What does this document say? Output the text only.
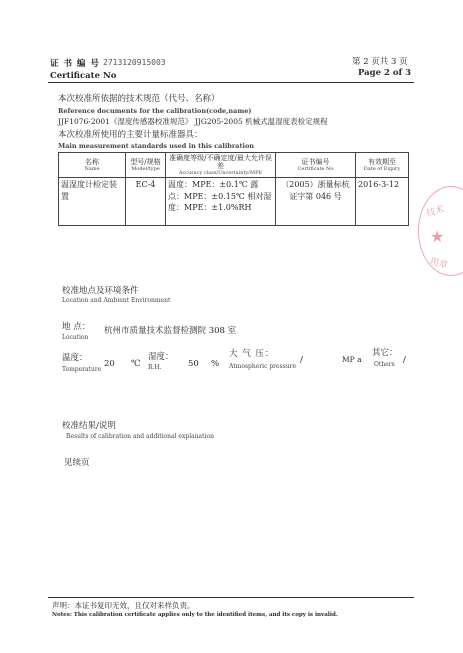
证 书 编 号 2713120915003
Certificate No
第 2 页共 3 页
Page 2 of 3
本次校准所依据的技术规范（代号、名称）
Reference documents for the calibration(code,name)
JJF1076-2001《湿度传感器校准规范》 JJG205-2005 机械式温湿度表检定规程
本次校准所使用的主要计量标准器具：
Main measurement standards used in this calibration
名称
Name	型号/规格
Model/type	准确度等级/不确定度/最大允许误差
Accuracy class/Uncertainty/MPE	证书编号
Certificate No	有效期至
Date of Expiry

温湿度计检定装置	EC-4	温度：MPE：±0.1℃ 露点：MPE：±0.15℃ 相对湿度：MPE：±1.0%RH	（2005）浙量标杭证字第 046 号	2016-3-12
技术
★
用章
校准地点及环境条件
Location and Ambient Environment
地 点：
Location
杭州市质量技术监督检测院 308 室
温度：
Temperature
20 ℃
湿度：
R.H.	50 %
大 气 压：
Atmospheric pressure
/	MP a
其它：
Others /
校准结果/说明
Results of calibration and additional explanation
见续页
声明：本证书复印无效，且仅对来样负责。
Notes: This calibration certificate applies only to the identified items, and its copy is invalid.
